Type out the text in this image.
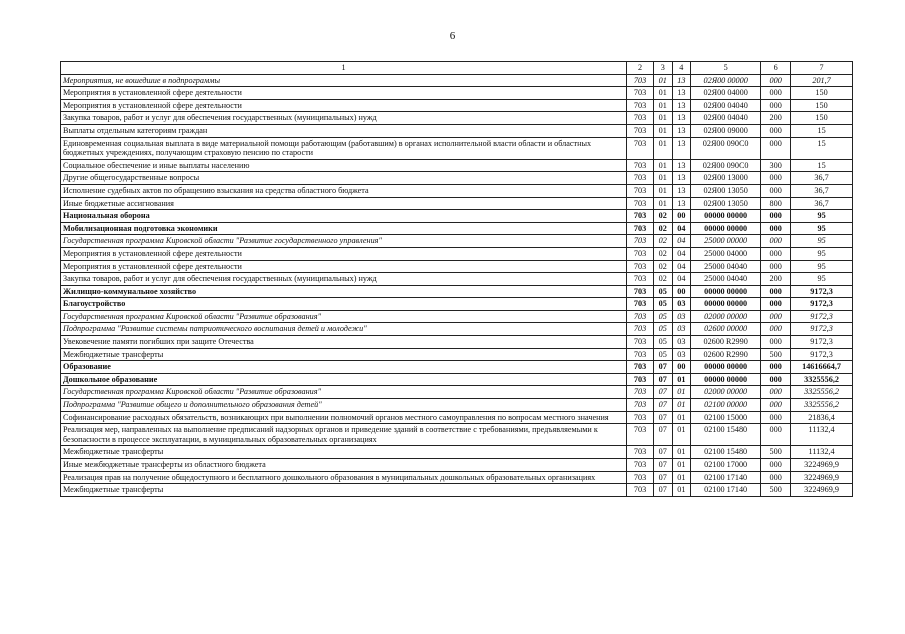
6
1	2	3	4	5	6	7
Мероприятия, не вошедшие в подпрограммы	703	01	13	02Я00 00000	000	201,7
Мероприятия в установленной сфере деятельности	703	01	13	02Я00 04000	000	150
Мероприятия в установленной сфере деятельности	703	01	13	02Я00 04040	000	150
Закупка товаров, работ и услуг для обеспечения государственных (муниципальных) нужд	703	01	13	02Я00 04040	200	150
Выплаты отдельным категориям граждан	703	01	13	02Я00 09000	000	15
Единовременная социальная выплата в виде материальной помощи работающим (работавшим) в органах исполнительной власти области и областных бюджетных учреждениях, получающим страховую пенсию по старости	703	01	13	02Я00 090С0	000	15
Социальное обеспечение и иные выплаты населению	703	01	13	02Я00 090С0	300	15
Другие общегосударственные вопросы	703	01	13	02Я00 13000	000	36,7
Исполнение судебных актов по обращению взыскания на средства областного бюджета	703	01	13	02Я00 13050	000	36,7
Иные бюджетные ассигнования	703	01	13	02Я00 13050	800	36,7
Национальная оборона	703	02	00	00000 00000	000	95
Мобилизационная подготовка экономики	703	02	04	00000 00000	000	95
Государственная программа Кировской области "Развитие государственного управления"	703	02	04	25000 00000	000	95
Мероприятия в установленной сфере деятельности	703	02	04	25000 04000	000	95
Мероприятия в установленной сфере деятельности	703	02	04	25000 04040	000	95
Закупка товаров, работ и услуг для обеспечения государственных (муниципальных) нужд	703	02	04	25000 04040	200	95
Жилищно-коммунальное хозяйство	703	05	00	00000 00000	000	9172,3
Благоустройство	703	05	03	00000 00000	000	9172,3
Государственная программа Кировской области "Развитие образования"	703	05	03	02000 00000	000	9172,3
Подпрограмма "Развитие системы патриотического воспитания детей и молодежи"	703	05	03	02600 00000	000	9172,3
Увековечение памяти погибших при защите Отечества	703	05	03	02600 R2990	000	9172,3
Межбюджетные трансферты	703	05	03	02600 R2990	500	9172,3
Образование	703	07	00	00000 00000	000	14616664,7
Дошкольное образование	703	07	01	00000 00000	000	3325556,2
Государственная программа Кировской области "Развитие образования"	703	07	01	02000 00000	000	3325556,2
Подпрограмма "Развитие общего и дополнительного образования детей"	703	07	01	02100 00000	000	3325556,2
Софинансирование расходных обязательств, возникающих при выполнении полномочий органов местного самоуправления по вопросам местного значения	703	07	01	02100 15000	000	21836,4
Реализация мер, направленных на выполнение предписаний надзорных органов и приведение зданий в соответствие с требованиями, предъявляемыми к безопасности в процессе эксплуатации, в муниципальных образовательных организациях	703	07	01	02100 15480	000	11132,4
Межбюджетные трансферты	703	07	01	02100 15480	500	11132,4
Иные межбюджетные трансферты из областного бюджета	703	07	01	02100 17000	000	3224969,9
Реализация прав на получение общедоступного и бесплатного дошкольного образования в муниципальных дошкольных образовательных организациях	703	07	01	02100 17140	000	3224969,9
Межбюджетные трансферты	703	07	01	02100 17140	500	3224969,9
